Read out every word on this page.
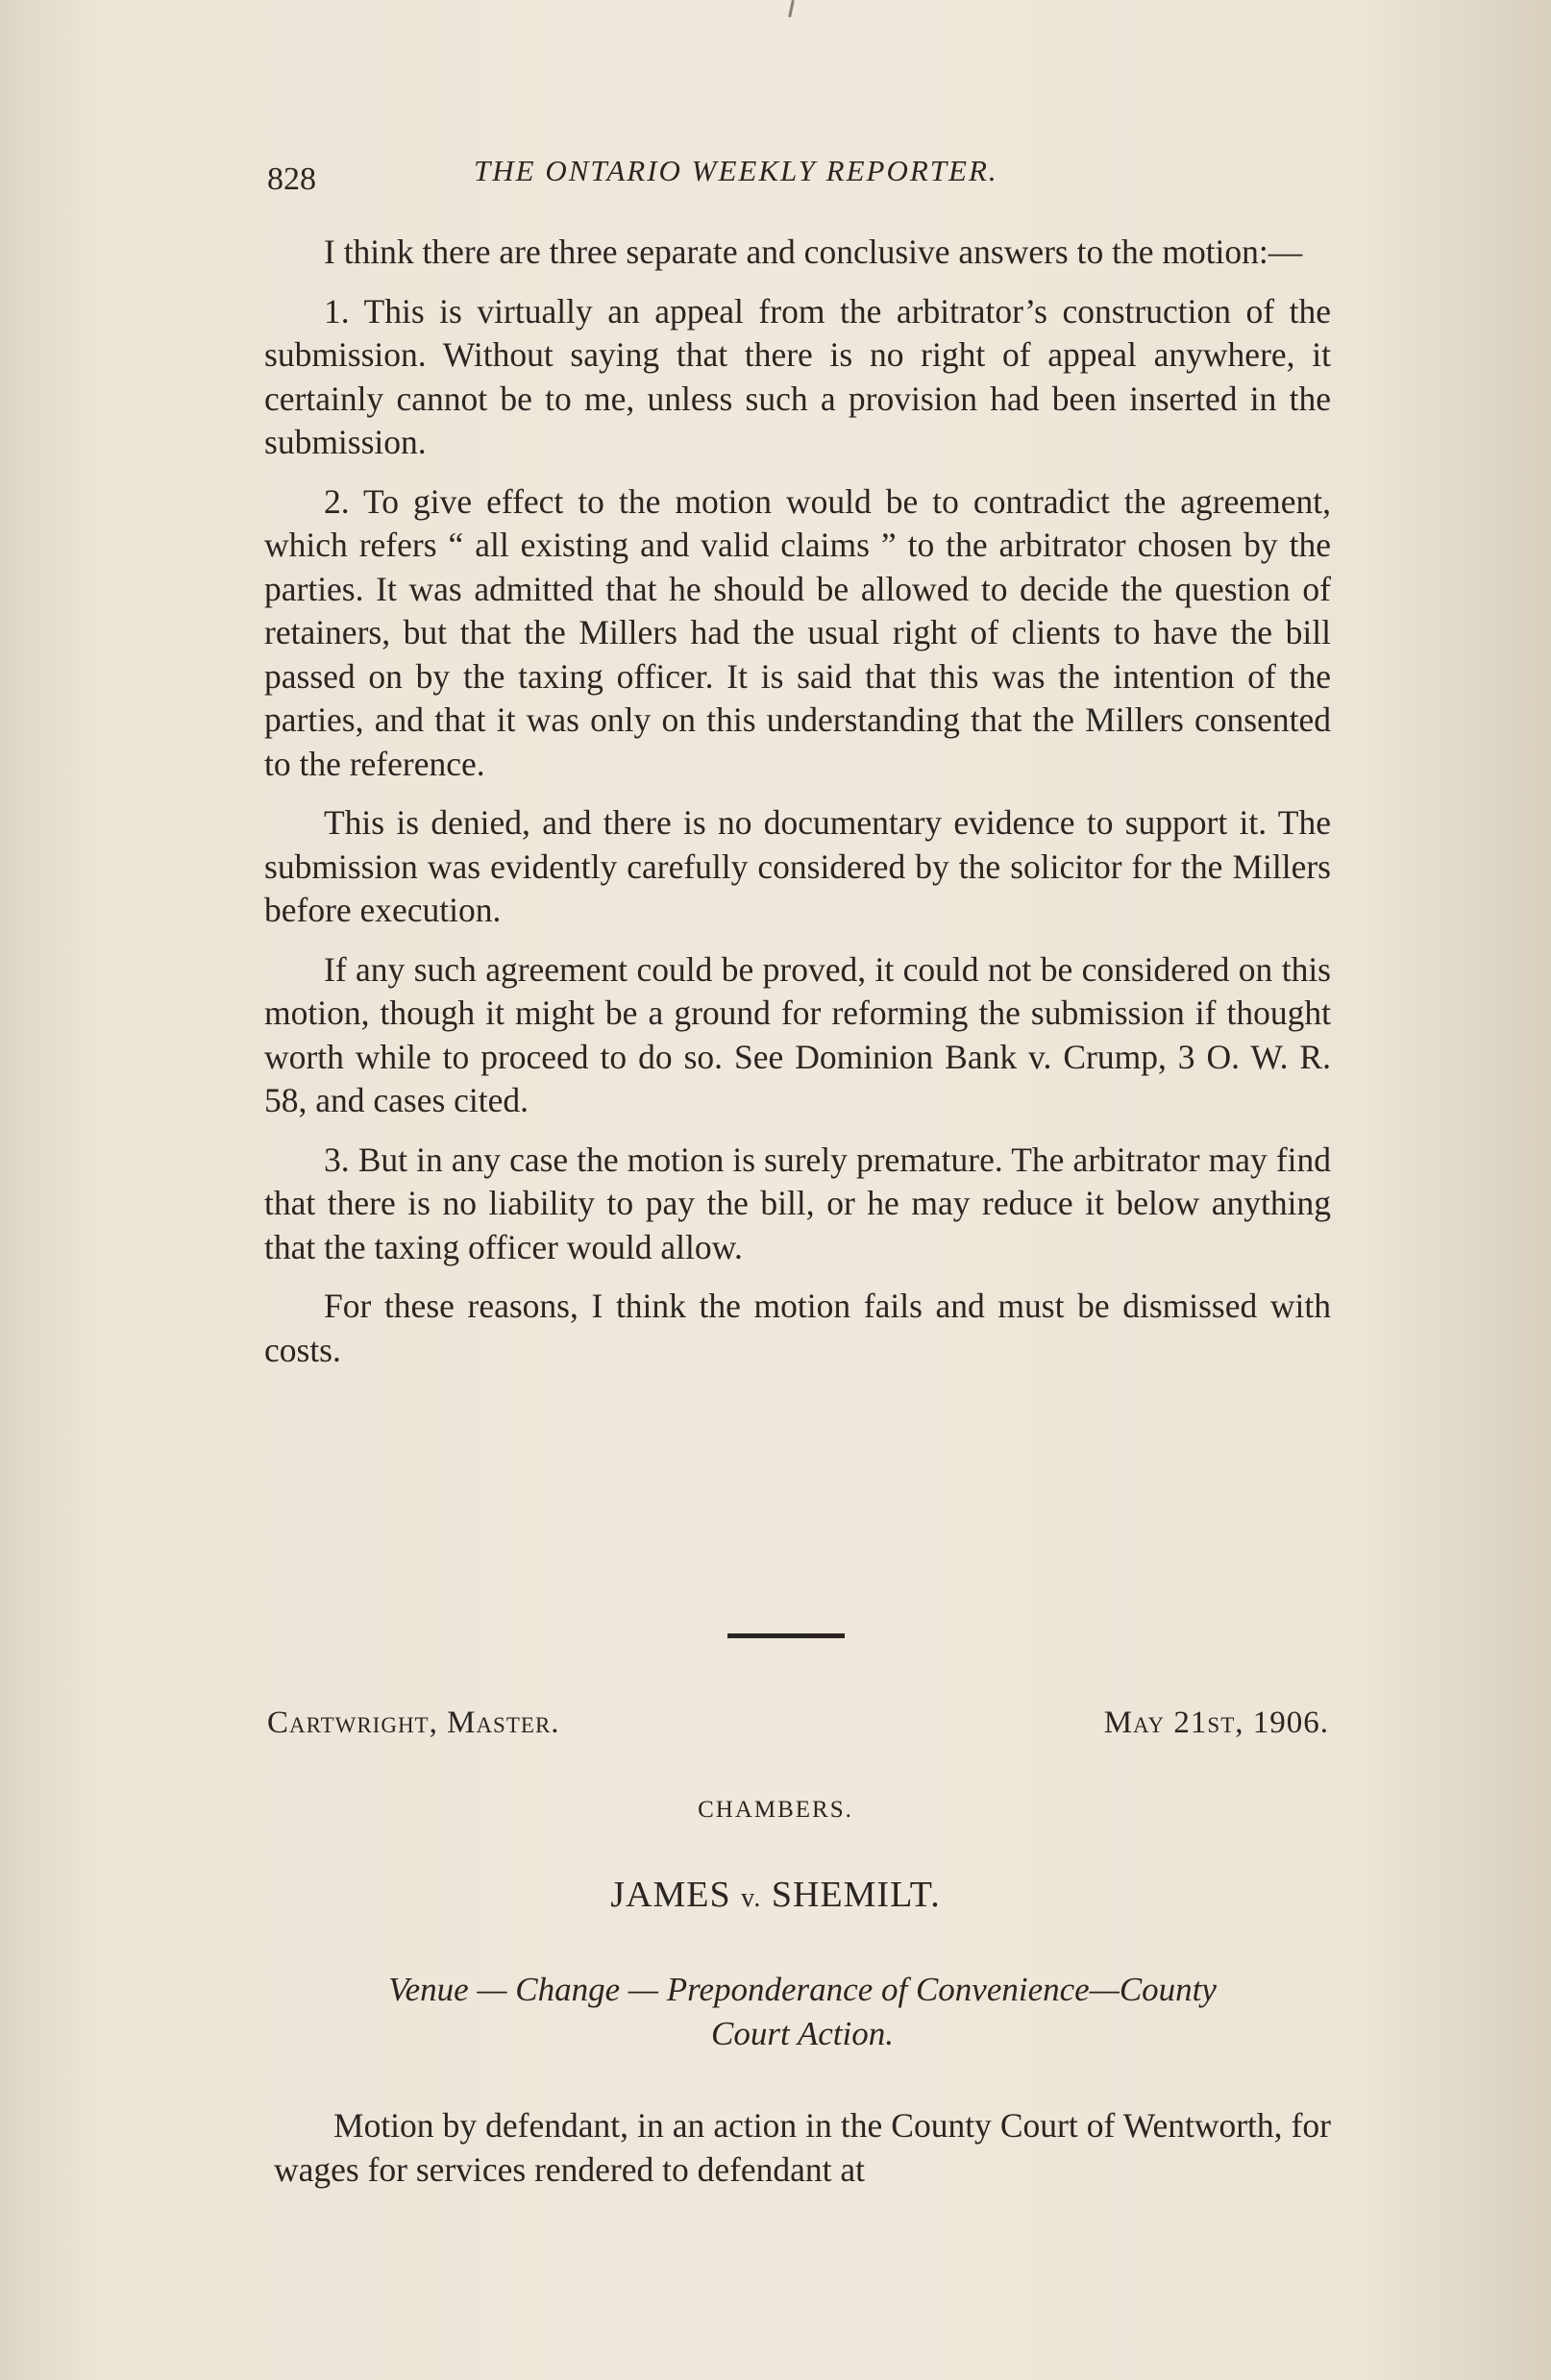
828	THE ONTARIO WEEKLY REPORTER.

I think there are three separate and conclusive answers to the motion:—

1. This is virtually an appeal from the arbitrator’s construction of the submission. Without saying that there is no right of appeal anywhere, it certainly cannot be to me, unless such a provision had been inserted in the submission.

2. To give effect to the motion would be to contradict the agreement, which refers “ all existing and valid claims ” to the arbitrator chosen by the parties. It was admitted that he should be allowed to decide the question of retainers, but that the Millers had the usual right of clients to have the bill passed on by the taxing officer. It is said that this was the intention of the parties, and that it was only on this understanding that the Millers consented to the reference.

This is denied, and there is no documentary evidence to support it. The submission was evidently carefully considered by the solicitor for the Millers before execution.

If any such agreement could be proved, it could not be considered on this motion, though it might be a ground for reforming the submission if thought worth while to proceed to do so. See Dominion Bank v. Crump, 3 O. W. R. 58, and cases cited.

3. But in any case the motion is surely premature. The arbitrator may find that there is no liability to pay the bill, or he may reduce it below anything that the taxing officer would allow.

For these reasons, I think the motion fails and must be dismissed with costs.

Cartwright, Master.	May 21st, 1906.
CHAMBERS.
JAMES v. SHEMILT.
Venue — Change — Preponderance of Convenience—County
Court Action.

Motion by defendant, in an action in the County Court of Wentworth, for wages for services rendered to defendant at
